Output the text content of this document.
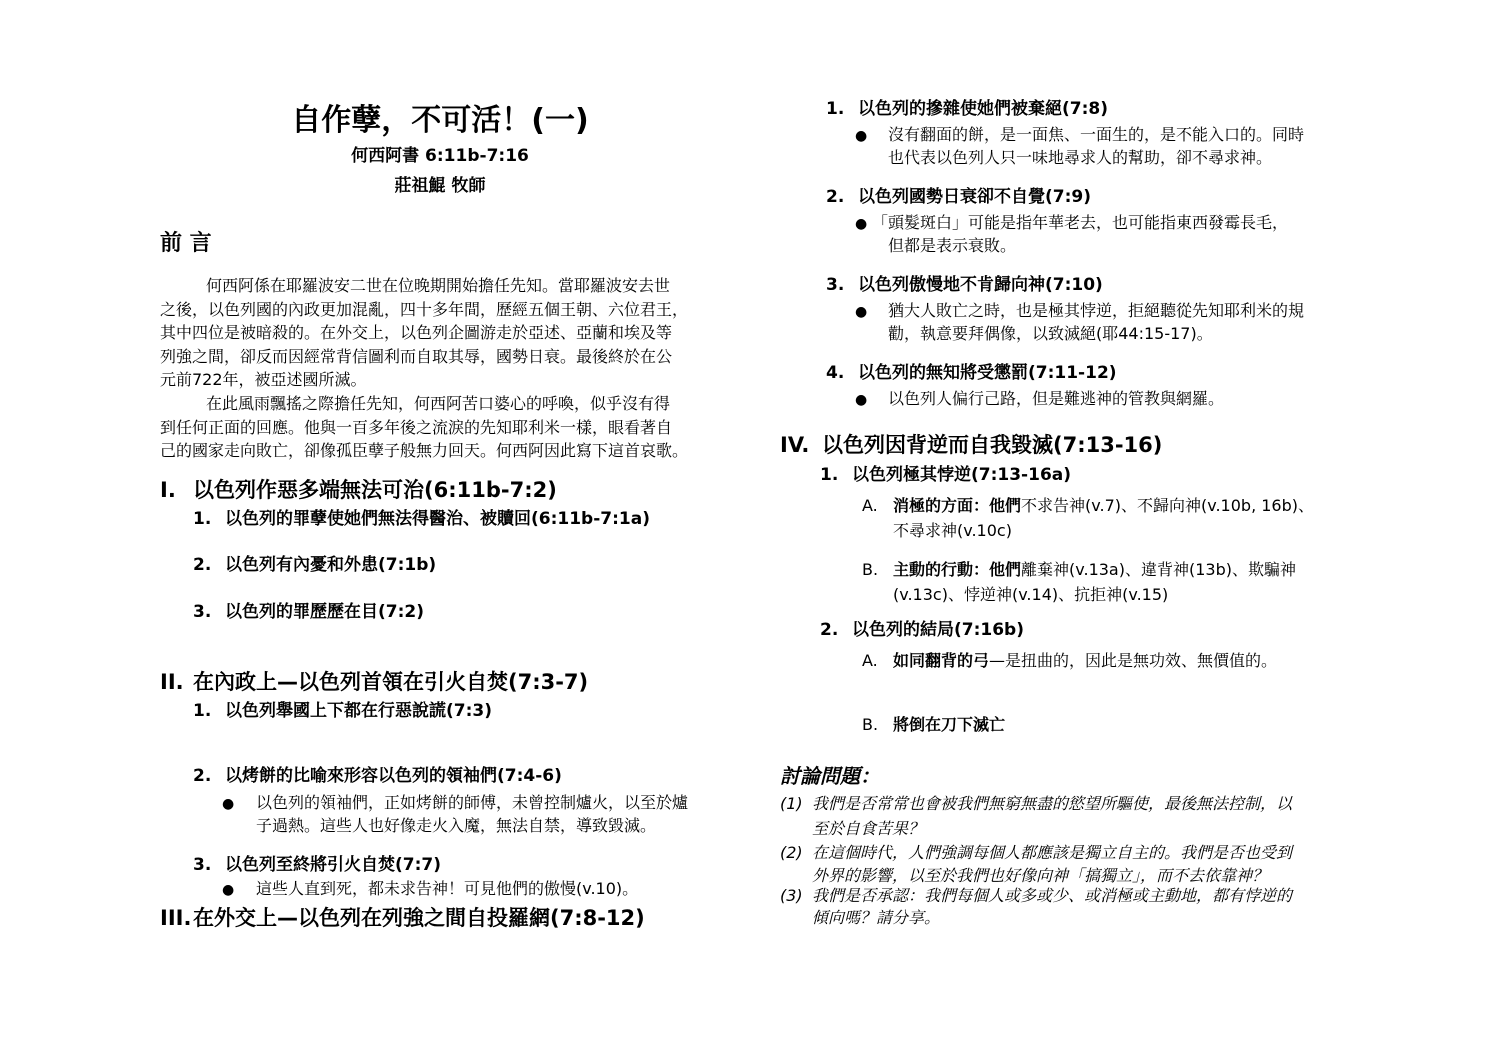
自作孽，不可活！(一)
何西阿書 6:11b-7:16
莊祖鯤 牧師
前 言
何西阿係在耶羅波安二世在位晚期開始擔任先知。當耶羅波安去世
之後，以色列國的內政更加混亂，四十多年間，歷經五個王朝、六位君王，
其中四位是被暗殺的。在外交上，以色列企圖游走於亞述、亞蘭和埃及等
列強之間，卻反而因經常背信圖利而自取其辱，國勢日衰。最後終於在公
元前722年，被亞述國所滅。
在此風雨飄搖之際擔任先知，何西阿苦口婆心的呼喚，似乎沒有得
到任何正面的回應。他與一百多年後之流淚的先知耶利米一樣，眼看著自
己的國家走向敗亡，卻像孤臣孽子般無力回天。何西阿因此寫下這首哀歌。
I. 以色列作惡多端無法可治(6:11b-7:2)
1. 以色列的罪孽使她們無法得醫治、被贖回(6:11b-7:1a)
2. 以色列有內憂和外患(7:1b)
3. 以色列的罪歷歷在目(7:2)
II. 在內政上—以色列首領在引火自焚(7:3-7)
1. 以色列舉國上下都在行惡說謊(7:3)
2. 以烤餅的比喻來形容以色列的領袖們(7:4-6)
● 以色列的領袖們，正如烤餅的師傅，未曾控制爐火，以至於爐
子過熱。這些人也好像走火入魔，無法自禁，導致毀滅。
3. 以色列至終將引火自焚(7:7)
● 這些人直到死，都未求告神！可見他們的傲慢(v.10)。
III. 在外交上—以色列在列強之間自投羅網(7:8-12)
1. 以色列的摻雜使她們被棄絕(7:8)
● 沒有翻面的餅，是一面焦、一面生的，是不能入口的。同時
也代表以色列人只一味地尋求人的幫助，卻不尋求神。
2. 以色列國勢日衰卻不自覺(7:9)
● 「頭髮斑白」可能是指年華老去，也可能指東西發霉長毛，
但都是表示衰敗。
3. 以色列傲慢地不肯歸向神(7:10)
● 猶大人敗亡之時，也是極其悖逆，拒絕聽從先知耶利米的規
勸，執意要拜偶像，以致滅絕(耶44:15-17)。
4. 以色列的無知將受懲罰(7:11-12)
● 以色列人偏行己路，但是難逃神的管教與網羅。
IV. 以色列因背逆而自我毀滅(7:13-16)
1. 以色列極其悖逆(7:13-16a)
A. 消極的方面：他們不求告神(v.7)、不歸向神(v.10b, 16b)、
不尋求神(v.10c)
B. 主動的行動：他們離棄神(v.13a)、違背神(13b)、欺騙神
(v.13c)、悖逆神(v.14)、抗拒神(v.15)
2. 以色列的結局(7:16b)
A. 如同翻背的弓—是扭曲的，因此是無功效、無價值的。
B. 將倒在刀下滅亡
討論問題：
(1) 我們是否常常也會被我們無窮無盡的慾望所驅使，最後無法控制，以
至於自食苦果？
(2) 在這個時代，人們強調每個人都應該是獨立自主的。我們是否也受到
外界的影響，以至於我們也好像向神「搞獨立」，而不去依靠神？
(3) 我們是否承認：我們每個人或多或少、或消極或主動地，都有悖逆的
傾向嗎？請分享。
